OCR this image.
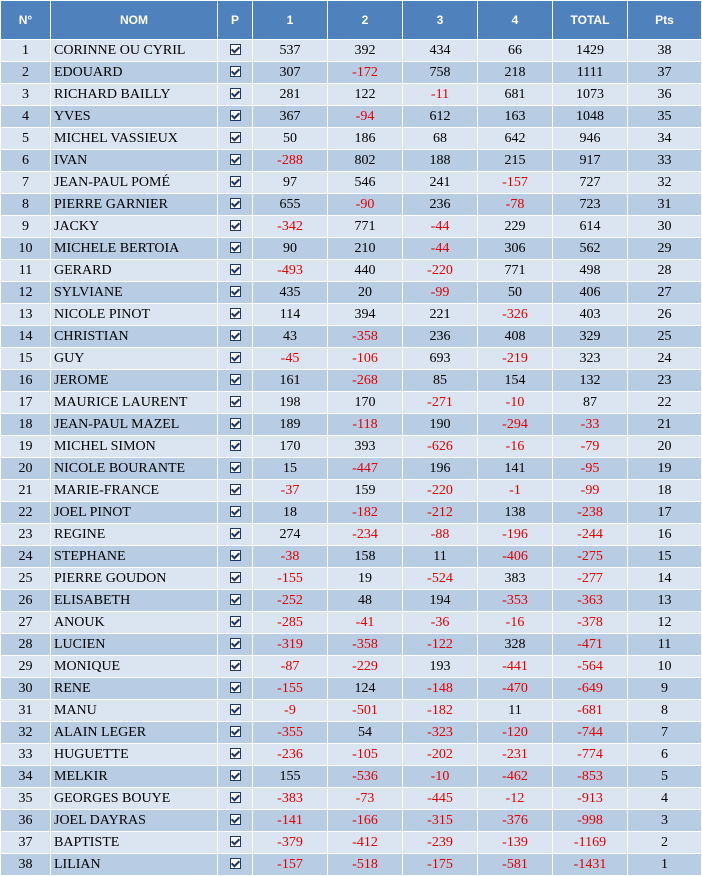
N°	NOM	P	1	2	3	4	TOTAL	Pts
1	CORINNE OU CYRIL		537	392	434	66	1429	38
2	EDOUARD		307	-172	758	218	1111	37
3	RICHARD BAILLY		281	122	-11	681	1073	36
4	YVES		367	-94	612	163	1048	35
5	MICHEL VASSIEUX		50	186	68	642	946	34
6	IVAN		-288	802	188	215	917	33
7	JEAN-PAUL POMÉ		97	546	241	-157	727	32
8	PIERRE GARNIER		655	-90	236	-78	723	31
9	JACKY		-342	771	-44	229	614	30
10	MICHELE BERTOIA		90	210	-44	306	562	29
11	GERARD		-493	440	-220	771	498	28
12	SYLVIANE		435	20	-99	50	406	27
13	NICOLE PINOT		114	394	221	-326	403	26
14	CHRISTIAN		43	-358	236	408	329	25
15	GUY		-45	-106	693	-219	323	24
16	JEROME		161	-268	85	154	132	23
17	MAURICE LAURENT		198	170	-271	-10	87	22
18	JEAN-PAUL MAZEL		189	-118	190	-294	-33	21
19	MICHEL SIMON		170	393	-626	-16	-79	20
20	NICOLE BOURANTE		15	-447	196	141	-95	19
21	MARIE-FRANCE		-37	159	-220	-1	-99	18
22	JOEL PINOT		18	-182	-212	138	-238	17
23	REGINE		274	-234	-88	-196	-244	16
24	STEPHANE		-38	158	11	-406	-275	15
25	PIERRE GOUDON		-155	19	-524	383	-277	14
26	ELISABETH		-252	48	194	-353	-363	13
27	ANOUK		-285	-41	-36	-16	-378	12
28	LUCIEN		-319	-358	-122	328	-471	11
29	MONIQUE		-87	-229	193	-441	-564	10
30	RENE		-155	124	-148	-470	-649	9
31	MANU		-9	-501	-182	11	-681	8
32	ALAIN LEGER		-355	54	-323	-120	-744	7
33	HUGUETTE		-236	-105	-202	-231	-774	6
34	MELKIR		155	-536	-10	-462	-853	5
35	GEORGES BOUYE		-383	-73	-445	-12	-913	4
36	JOEL DAYRAS		-141	-166	-315	-376	-998	3
37	BAPTISTE		-379	-412	-239	-139	-1169	2
38	LILIAN		-157	-518	-175	-581	-1431	1
